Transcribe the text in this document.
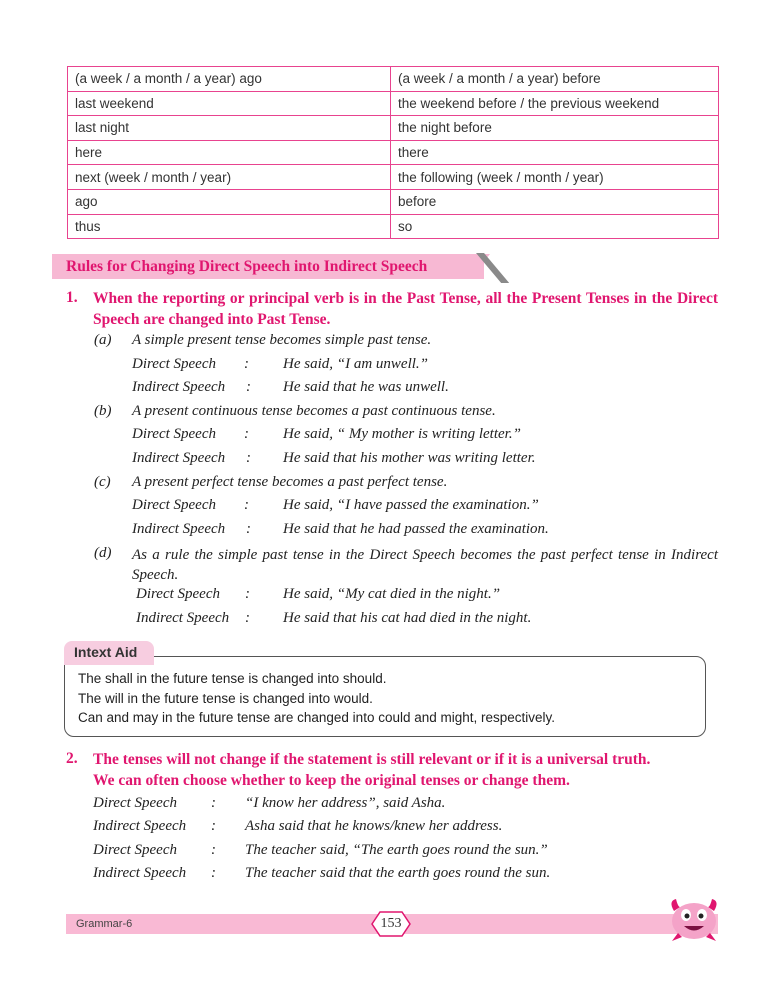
(a week / a month / a year) ago	(a week / a month / a year) before
last weekend	the weekend before / the previous weekend
last night	the night before
here	there
next (week / month / year)	the following (week / month / year)
ago	before
thus	so
Rules for Changing Direct Speech into Indirect Speech
1. When the reporting or principal verb is in the Past Tense, all the Present Tenses in the Direct Speech are changed into Past Tense.
(a) A simple present tense becomes simple past tense.
Direct Speech : He said, “I am unwell.”
Indirect Speech : He said that he was unwell.
(b) A present continuous tense becomes a past continuous tense.
Direct Speech : He said, “ My mother is writing letter.”
Indirect Speech : He said that his mother was writing letter.
(c) A present perfect tense becomes a past perfect tense.
Direct Speech : He said, “I have passed the examination.”
Indirect Speech : He said that he had passed the examination.
(d) As a rule the simple past tense in the Direct Speech becomes the past perfect tense in Indirect Speech.
Direct Speech : He said, “My cat died in the night.”
Indirect Speech : He said that his cat had died in the night.
Intext Aid
The shall in the future tense is changed into should.
The will in the future tense is changed into would.
Can and may in the future tense are changed into could and might, respectively.
2. The tenses will not change if the statement is still relevant or if it is a universal truth.
We can often choose whether to keep the original tenses or change them.
Direct Speech : “I know her address”, said Asha.
Indirect Speech : Asha said that he knows/knew her address.
Direct Speech : The teacher said, “The earth goes round the sun.”
Indirect Speech : The teacher said that the earth goes round the sun.
Grammar-6	153
